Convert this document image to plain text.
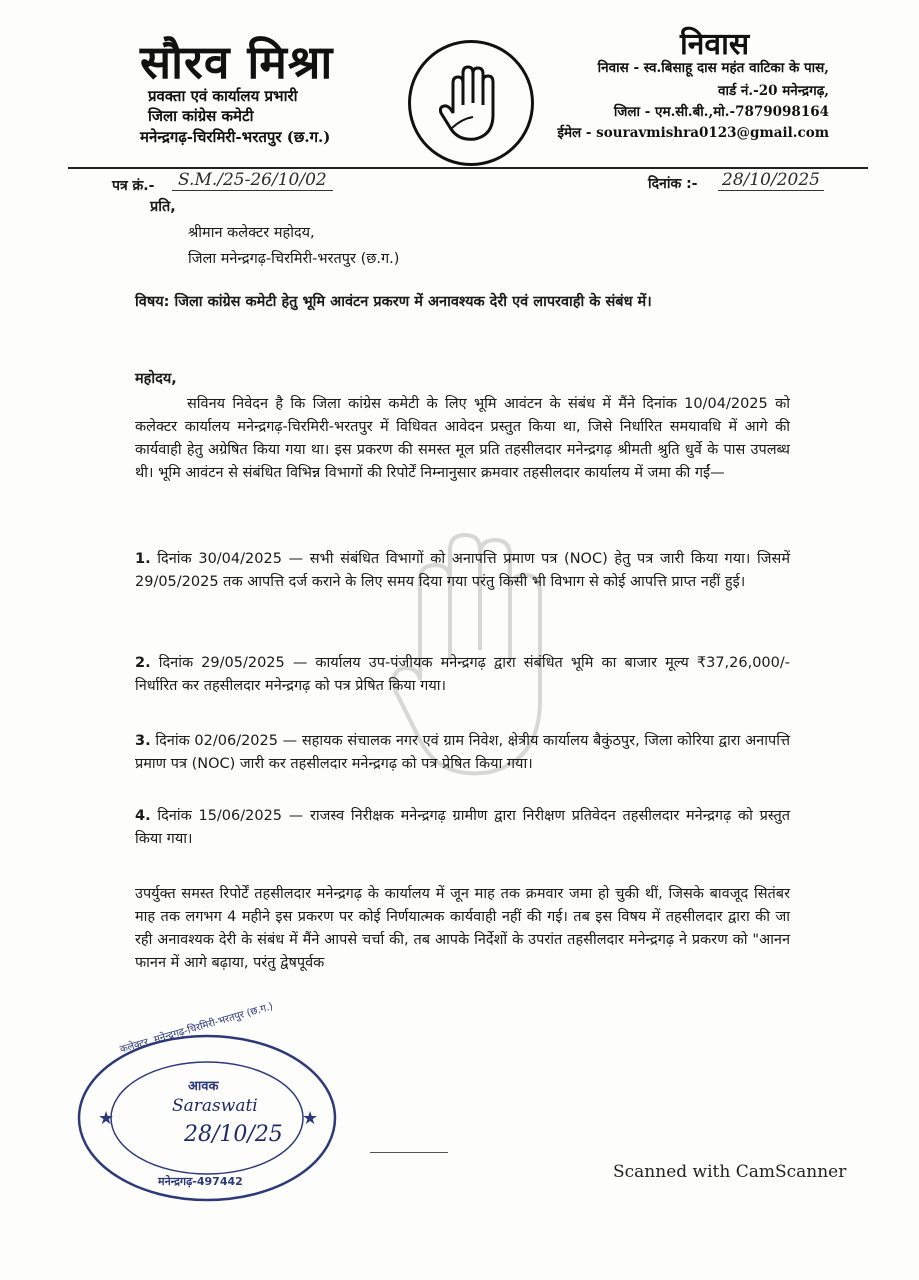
सौरव मिश्रा
प्रवक्ता एवं कार्यालय प्रभारी
जिला कांग्रेस कमेटी
मनेन्द्रगढ़-चिरमिरी-भरतपुर (छ.ग.)
निवास
निवास - स्व.बिसाहू दास महंत वाटिका के पास,
वार्ड नं.-20 मनेन्द्रगढ़,
जिला - एम.सी.बी.,मो.-7879098164
ईमेल - souravmishra0123@gmail.com
पत्र क्रं.-	S.M./25-26/10/02	दिनांक :- 28/10/2025
प्रति,
श्रीमान कलेक्टर महोदय,
जिला मनेन्द्रगढ़-चिरमिरी-भरतपुर (छ.ग.)
विषय: जिला कांग्रेस कमेटी हेतु भूमि आवंटन प्रकरण में अनावश्यक देरी एवं लापरवाही के संबंध में।
महोदय,
सविनय निवेदन है कि जिला कांग्रेस कमेटी के लिए भूमि आवंटन के संबंध में मैंने दिनांक 10/04/2025 को कलेक्टर कार्यालय मनेन्द्रगढ़-चिरमिरी-भरतपुर में विधिवत आवेदन प्रस्तुत किया था, जिसे निर्धारित समयावधि में आगे की कार्यवाही हेतु अग्रेषित किया गया था। इस प्रकरण की समस्त मूल प्रति तहसीलदार मनेन्द्रगढ़ श्रीमती श्रुति धुर्वे के पास उपलब्ध थी। भूमि आवंटन से संबंधित विभिन्न विभागों की रिपोर्टें निम्नानुसार क्रमवार तहसीलदार कार्यालय में जमा की गईं—
1. दिनांक 30/04/2025 — सभी संबंधित विभागों को अनापत्ति प्रमाण पत्र (NOC) हेतु पत्र जारी किया गया। जिसमें 29/05/2025 तक आपत्ति दर्ज कराने के लिए समय दिया गया परंतु किसी भी विभाग से कोई आपत्ति प्राप्त नहीं हुई।
2. दिनांक 29/05/2025 — कार्यालय उप-पंजीयक मनेन्द्रगढ़ द्वारा संबंधित भूमि का बाजार मूल्य ₹37,26,000/- निर्धारित कर तहसीलदार मनेन्द्रगढ़ को पत्र प्रेषित किया गया।
3. दिनांक 02/06/2025 — सहायक संचालक नगर एवं ग्राम निवेश, क्षेत्रीय कार्यालय बैकुंठपुर, जिला कोरिया द्वारा अनापत्ति प्रमाण पत्र (NOC) जारी कर तहसीलदार मनेन्द्रगढ़ को पत्र प्रेषित किया गया।
4. दिनांक 15/06/2025 — राजस्व निरीक्षक मनेन्द्रगढ़ ग्रामीण द्वारा निरीक्षण प्रतिवेदन तहसीलदार मनेन्द्रगढ़ को प्रस्तुत किया गया।
उपर्युक्त समस्त रिपोर्टें तहसीलदार मनेन्द्रगढ़ के कार्यालय में जून माह तक क्रमवार जमा हो चुकी थीं, जिसके बावजूद सितंबर माह तक लगभग 4 महीने इस प्रकरण पर कोई निर्णयात्मक कार्यवाही नहीं की गई। तब इस विषय में तहसीलदार द्वारा की जा रही अनावश्यक देरी के संबंध में मैंने आपसे चर्चा की, तब आपके निर्देशों के उपरांत तहसीलदार मनेन्द्रगढ़ ने प्रकरण को "आनन फानन में आगे बढ़ाया, परंतु द्वेषपूर्वक
★	★
कलेक्टर, मनेन्द्रगढ़-चिरमिरी-भरतपुर (छ.ग.)
आवक
Saraswati
28/10/25
मनेन्द्रगढ़-497442	Scanned with CamScanner
